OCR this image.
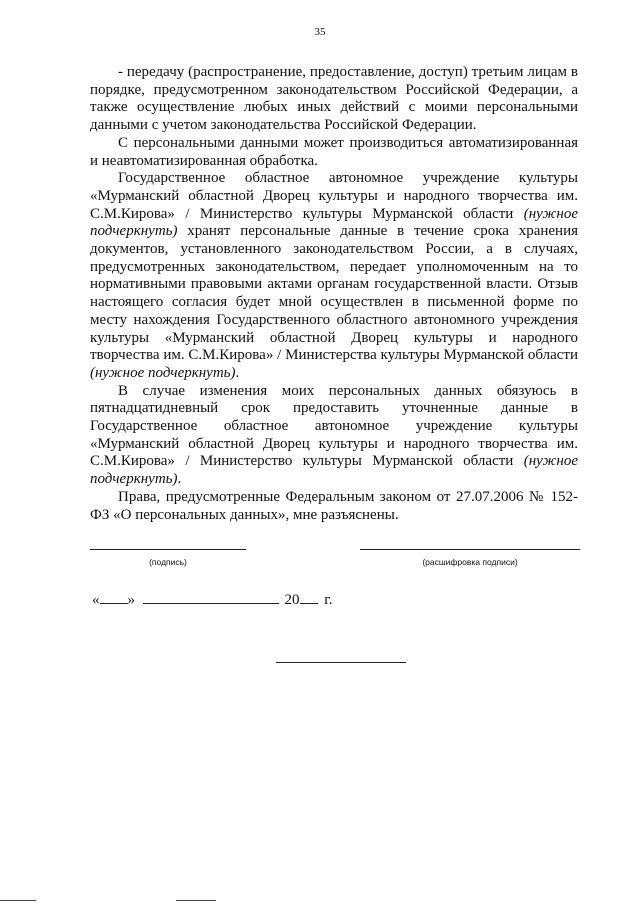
35

- передачу (распространение, предоставление, доступ) третьим лицам в порядке, предусмотренном законодательством Российской Федерации, а также осуществление любых иных действий с моими персональными данными с учетом законодательства Российской Федерации.

С персональными данными может производиться автоматизированная и неавтоматизированная обработка.

Государственное областное автономное учреждение культуры «Мурманский областной Дворец культуры и народного творчества им. С.М.Кирова» / Министерство культуры Мурманской области (нужное подчеркнуть) хранят персональные данные в течение срока хранения документов, установленного законодательством России, а в случаях, предусмотренных законодательством, передает уполномоченным на то нормативными правовыми актами органам государственной власти. Отзыв настоящего согласия будет мной осуществлен в письменной форме по месту нахождения Государственного областного автономного учреждения культуры «Мурманский областной Дворец культуры и народного творчества им. С.М.Кирова» / Министерства культуры Мурманской области (нужное подчеркнуть).

В случае изменения моих персональных данных обязуюсь в пятнадцатидневный срок предоставить уточненные данные в Государственное областное автономное учреждение культуры «Мурманский областной Дворец культуры и народного творчества им. С.М.Кирова» / Министерство культуры Мурманской области (нужное подчеркнуть).

Права, предусмотренные Федеральным законом от 27.07.2006 № 152-ФЗ «О персональных данных», мне разъяснены.

(подпись)	(расшифровка подписи)
« »	20 г.
